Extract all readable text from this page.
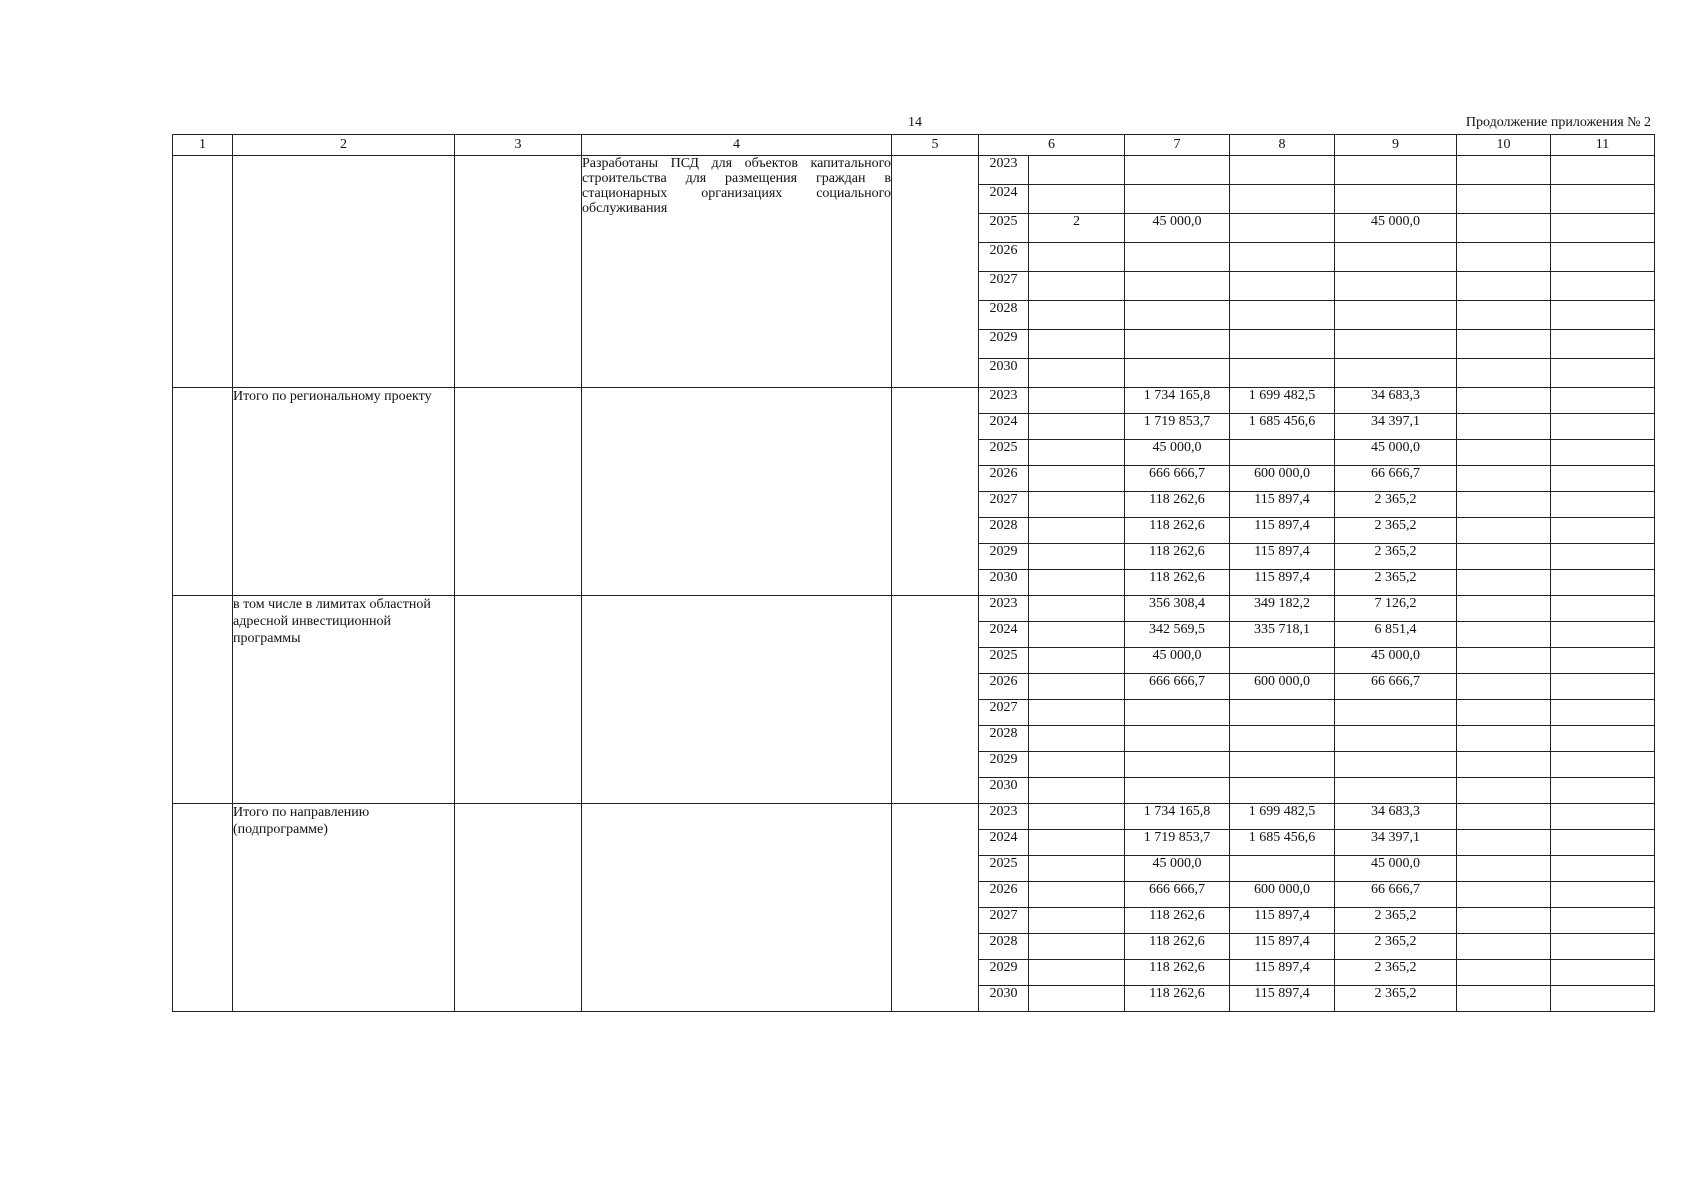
14	Продолжение приложения № 2
1	2	3	4	5	6		7	8	9	10	11
			Разработаны ПСД для объектов капитального строительства для размещения граждан в стационарных организациях социального обслуживания		2023						
					2024						
					2025	2	45 000,0		45 000,0		
					2026						
					2027						
					2028						
					2029						
					2030						
	Итого по региональному проекту				2023		1 734 165,8	1 699 482,5	34 683,3		
					2024		1 719 853,7	1 685 456,6	34 397,1		
					2025		45 000,0		45 000,0		
					2026		666 666,7	600 000,0	66 666,7		
					2027		118 262,6	115 897,4	2 365,2		
					2028		118 262,6	115 897,4	2 365,2		
					2029		118 262,6	115 897,4	2 365,2		
					2030		118 262,6	115 897,4	2 365,2		
	в том числе в лимитах областной адресной инвестиционной программы				2023		356 308,4	349 182,2	7 126,2		
					2024		342 569,5	335 718,1	6 851,4		
					2025		45 000,0		45 000,0		
					2026		666 666,7	600 000,0	66 666,7		
					2027						
					2028						
					2029						
					2030						
	Итого по направлению (подпрограмме)				2023		1 734 165,8	1 699 482,5	34 683,3		
					2024		1 719 853,7	1 685 456,6	34 397,1		
					2025		45 000,0		45 000,0		
					2026		666 666,7	600 000,0	66 666,7		
					2027		118 262,6	115 897,4	2 365,2		
					2028		118 262,6	115 897,4	2 365,2		
					2029		118 262,6	115 897,4	2 365,2		
					2030		118 262,6	115 897,4	2 365,2		
